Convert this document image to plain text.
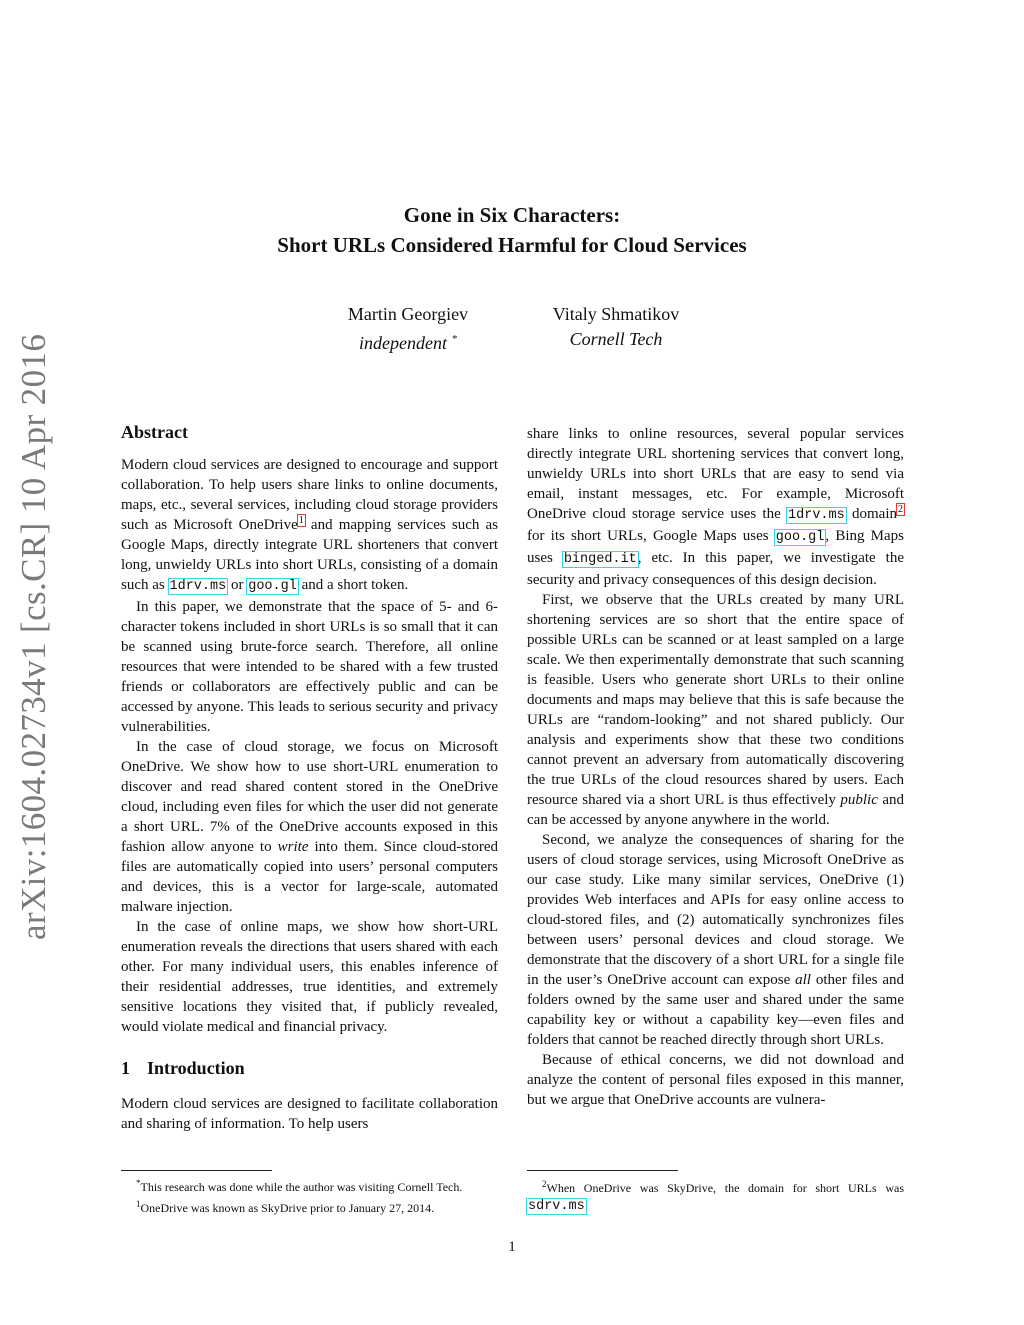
arXiv:1604.02734v1 [cs.CR] 10 Apr 2016
Gone in Six Characters:
Short URLs Considered Harmful for Cloud Services
Martin Georgiev
independent *
Vitaly Shmatikov
Cornell Tech
Abstract

Modern cloud services are designed to encourage and support collaboration. To help users share links to online documents, maps, etc., several services, including cloud storage providers such as Microsoft OneDrive$^1$ and mapping services such as Google Maps, directly integrate URL shorteners that convert long, unwieldy URLs into short URLs, consisting of a domain such as 1drv.ms or goo.gl and a short token.

In this paper, we demonstrate that the space of 5- and 6-character tokens included in short URLs is so small that it can be scanned using brute-force search. Therefore, all online resources that were intended to be shared with a few trusted friends or collaborators are effectively public and can be accessed by anyone. This leads to serious security and privacy vulnerabilities.

In the case of cloud storage, we focus on Microsoft OneDrive. We show how to use short-URL enumeration to discover and read shared content stored in the OneDrive cloud, including even files for which the user did not generate a short URL. 7% of the OneDrive accounts exposed in this fashion allow anyone to write into them. Since cloud-stored files are automatically copied into users’ personal computers and devices, this is a vector for large-scale, automated malware injection.

In the case of online maps, we show how short-URL enumeration reveals the directions that users shared with each other. For many individual users, this enables inference of their residential addresses, true identities, and extremely sensitive locations they visited that, if publicly revealed, would violate medical and financial privacy.

1 Introduction

Modern cloud services are designed to facilitate collaboration and sharing of information. To help users

*This research was done while the author was visiting Cornell Tech.
$^1$OneDrive was known as SkyDrive prior to January 27, 2014.

share links to online resources, several popular services directly integrate URL shortening services that convert long, unwieldy URLs into short URLs that are easy to send via email, instant messages, etc. For example, Microsoft OneDrive cloud storage service uses the 1drv.ms domain$^2$ for its short URLs, Google Maps uses goo.gl, Bing Maps uses binged.it, etc. In this paper, we investigate the security and privacy consequences of this design decision.

First, we observe that the URLs created by many URL shortening services are so short that the entire space of possible URLs can be scanned or at least sampled on a large scale. We then experimentally demonstrate that such scanning is feasible. Users who generate short URLs to their online documents and maps may believe that this is safe because the URLs are “random-looking” and not shared publicly. Our analysis and experiments show that these two conditions cannot prevent an adversary from automatically discovering the true URLs of the cloud resources shared by users. Each resource shared via a short URL is thus effectively public and can be accessed by anyone anywhere in the world.

Second, we analyze the consequences of sharing for the users of cloud storage services, using Microsoft OneDrive as our case study. Like many similar services, OneDrive (1) provides Web interfaces and APIs for easy online access to cloud-stored files, and (2) automatically synchronizes files between users’ personal devices and cloud storage. We demonstrate that the discovery of a short URL for a single file in the user’s OneDrive account can expose all other files and folders owned by the same user and shared under the same capability key or without a capability key—even files and folders that cannot be reached directly through short URLs.

Because of ethical concerns, we did not download and analyze the content of personal files exposed in this manner, but we argue that OneDrive accounts are vulnera-

$^2$When OneDrive was SkyDrive, the domain for short URLs was sdrv.ms
1
